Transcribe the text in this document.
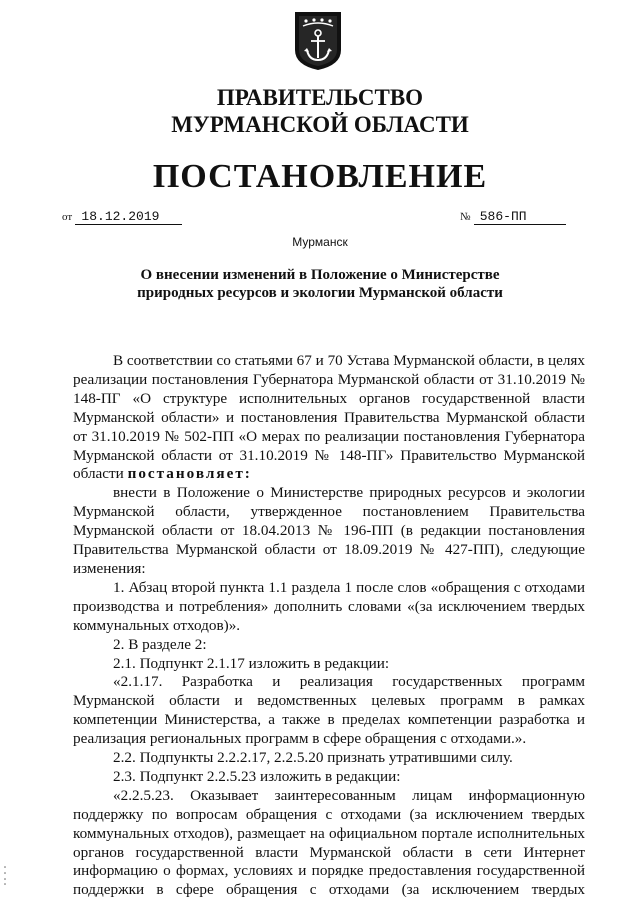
ПРАВИТЕЛЬСТВО
МУРМАНСКОЙ ОБЛАСТИ
ПОСТАНОВЛЕНИЕ
от 18.12.2019	№ 586-ПП
Мурманск
О внесении изменений в Положение о Министерстве
природных ресурсов и экологии Мурманской области
В соответствии со статьями 67 и 70 Устава Мурманской области, в целях реализации постановления Губернатора Мурманской области от 31.10.2019 № 148-ПГ «О структуре исполнительных органов государственной власти Мурманской области» и постановления Правительства Мурманской области от 31.10.2019 № 502-ПП «О мерах по реализации постановления Губернатора Мурманской области от 31.10.2019 № 148-ПГ» Правительство Мурманской области постановляет:
внести в Положение о Министерстве природных ресурсов и экологии Мурманской области, утвержденное постановлением Правительства Мурманской области от 18.04.2013 № 196-ПП (в редакции постановления Правительства Мурманской области от 18.09.2019 № 427-ПП), следующие изменения:
1. Абзац второй пункта 1.1 раздела 1 после слов «обращения с отходами производства и потребления» дополнить словами «(за исключением твердых коммунальных отходов)».
2. В разделе 2:
2.1. Подпункт 2.1.17 изложить в редакции:
«2.1.17. Разработка и реализация государственных программ Мурманской области и ведомственных целевых программ в рамках компетенции Министерства, а также в пределах компетенции разработка и реализация региональных программ в сфере обращения с отходами.».
2.2. Подпункты 2.2.2.17, 2.2.5.20 признать утратившими силу.
2.3. Подпункт 2.2.5.23 изложить в редакции:
«2.2.5.23. Оказывает заинтересованным лицам информационную поддержку по вопросам обращения с отходами (за исключением твердых коммунальных отходов), размещает на официальном портале исполнительных органов государственной власти Мурманской области в сети Интернет информацию о формах, условиях и порядке предоставления государственной поддержки в сфере обращения с отходами (за исключением твердых
